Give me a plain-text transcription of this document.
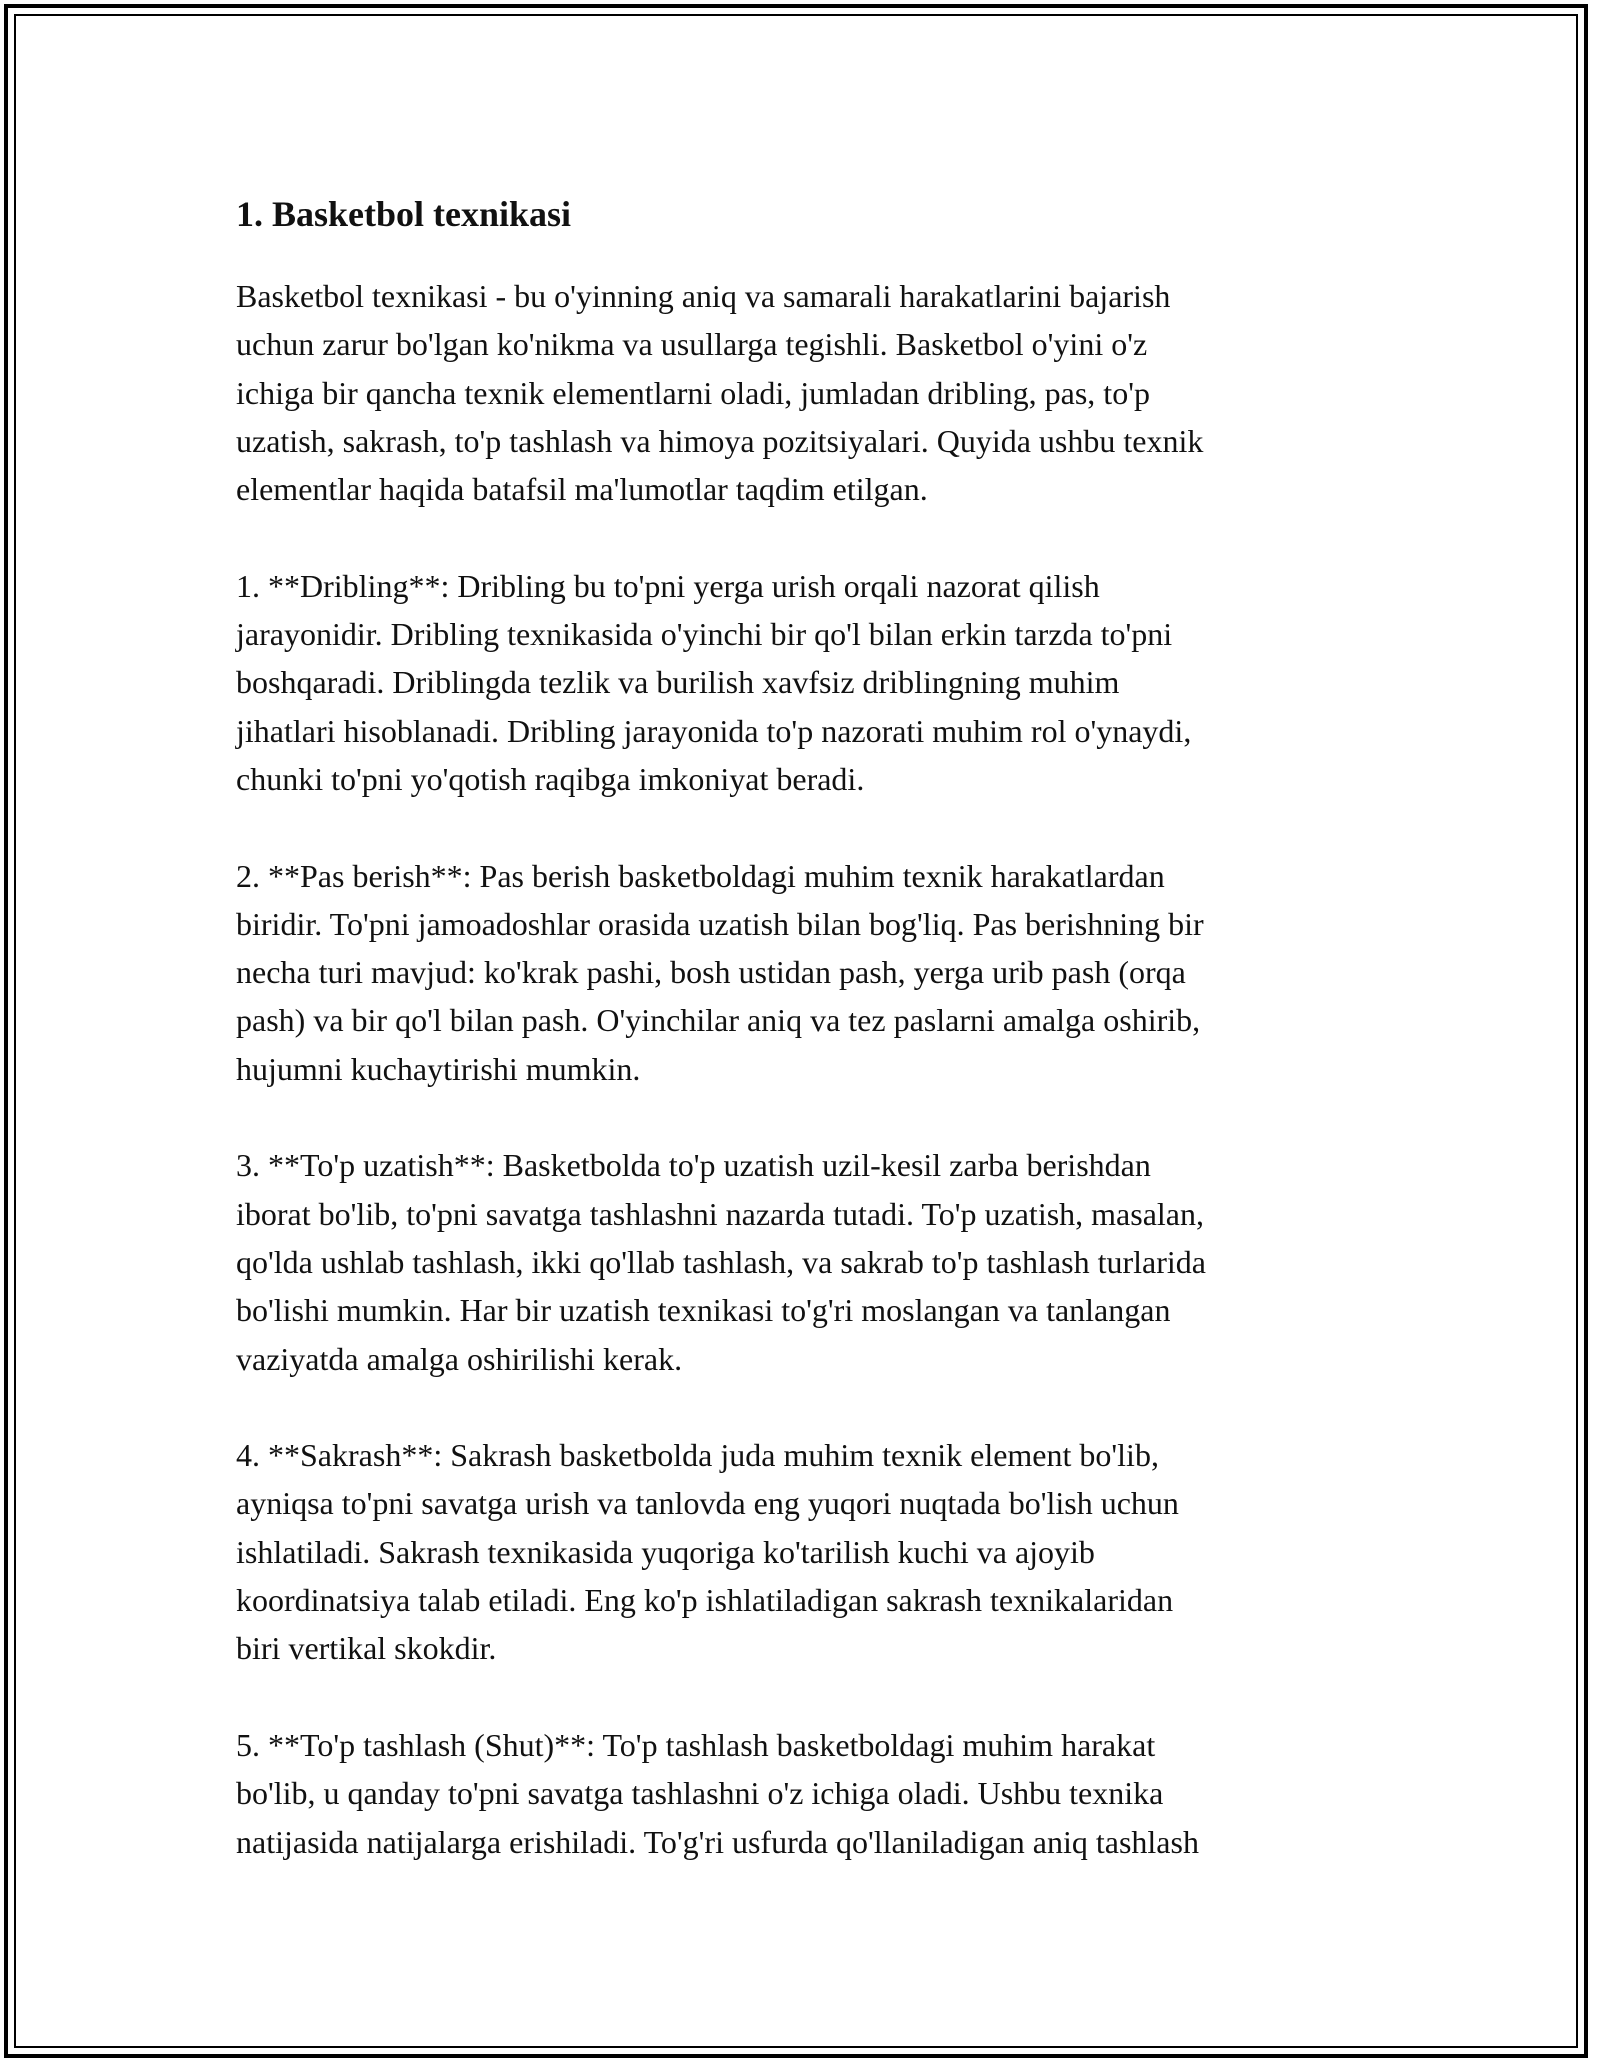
1. Basketbol texnikasi

Basketbol texnikasi - bu o'yinning aniq va samarali harakatlarini bajarish
uchun zarur bo'lgan ko'nikma va usullarga tegishli. Basketbol o'yini o'z
ichiga bir qancha texnik elementlarni oladi, jumladan dribling, pas, to'p
uzatish, sakrash, to'p tashlash va himoya pozitsiyalari. Quyida ushbu texnik
elementlar haqida batafsil ma'lumotlar taqdim etilgan.

1. **Dribling**: Dribling bu to'pni yerga urish orqali nazorat qilish
jarayonidir. Dribling texnikasida o'yinchi bir qo'l bilan erkin tarzda to'pni
boshqaradi. Driblingda tezlik va burilish xavfsiz driblingning muhim
jihatlari hisoblanadi. Dribling jarayonida to'p nazorati muhim rol o'ynaydi,
chunki to'pni yo'qotish raqibga imkoniyat beradi.

2. **Pas berish**: Pas berish basketboldagi muhim texnik harakatlardan
biridir. To'pni jamoadoshlar orasida uzatish bilan bog'liq. Pas berishning bir
necha turi mavjud: ko'krak pashi, bosh ustidan pash, yerga urib pash (orqa
pash) va bir qo'l bilan pash. O'yinchilar aniq va tez paslarni amalga oshirib,
hujumni kuchaytirishi mumkin.

3. **To'p uzatish**: Basketbolda to'p uzatish uzil-kesil zarba berishdan
iborat bo'lib, to'pni savatga tashlashni nazarda tutadi. To'p uzatish, masalan,
qo'lda ushlab tashlash, ikki qo'llab tashlash, va sakrab to'p tashlash turlarida
bo'lishi mumkin. Har bir uzatish texnikasi to'g'ri moslangan va tanlangan
vaziyatda amalga oshirilishi kerak.

4. **Sakrash**: Sakrash basketbolda juda muhim texnik element bo'lib,
ayniqsa to'pni savatga urish va tanlovda eng yuqori nuqtada bo'lish uchun
ishlatiladi. Sakrash texnikasida yuqoriga ko'tarilish kuchi va ajoyib
koordinatsiya talab etiladi. Eng ko'p ishlatiladigan sakrash texnikalaridan
biri vertikal skokdir.

5. **To'p tashlash (Shut)**: To'p tashlash basketboldagi muhim harakat
bo'lib, u qanday to'pni savatga tashlashni o'z ichiga oladi. Ushbu texnika
natijasida natijalarga erishiladi. To'g'ri usfurda qo'llaniladigan aniq tashlash
